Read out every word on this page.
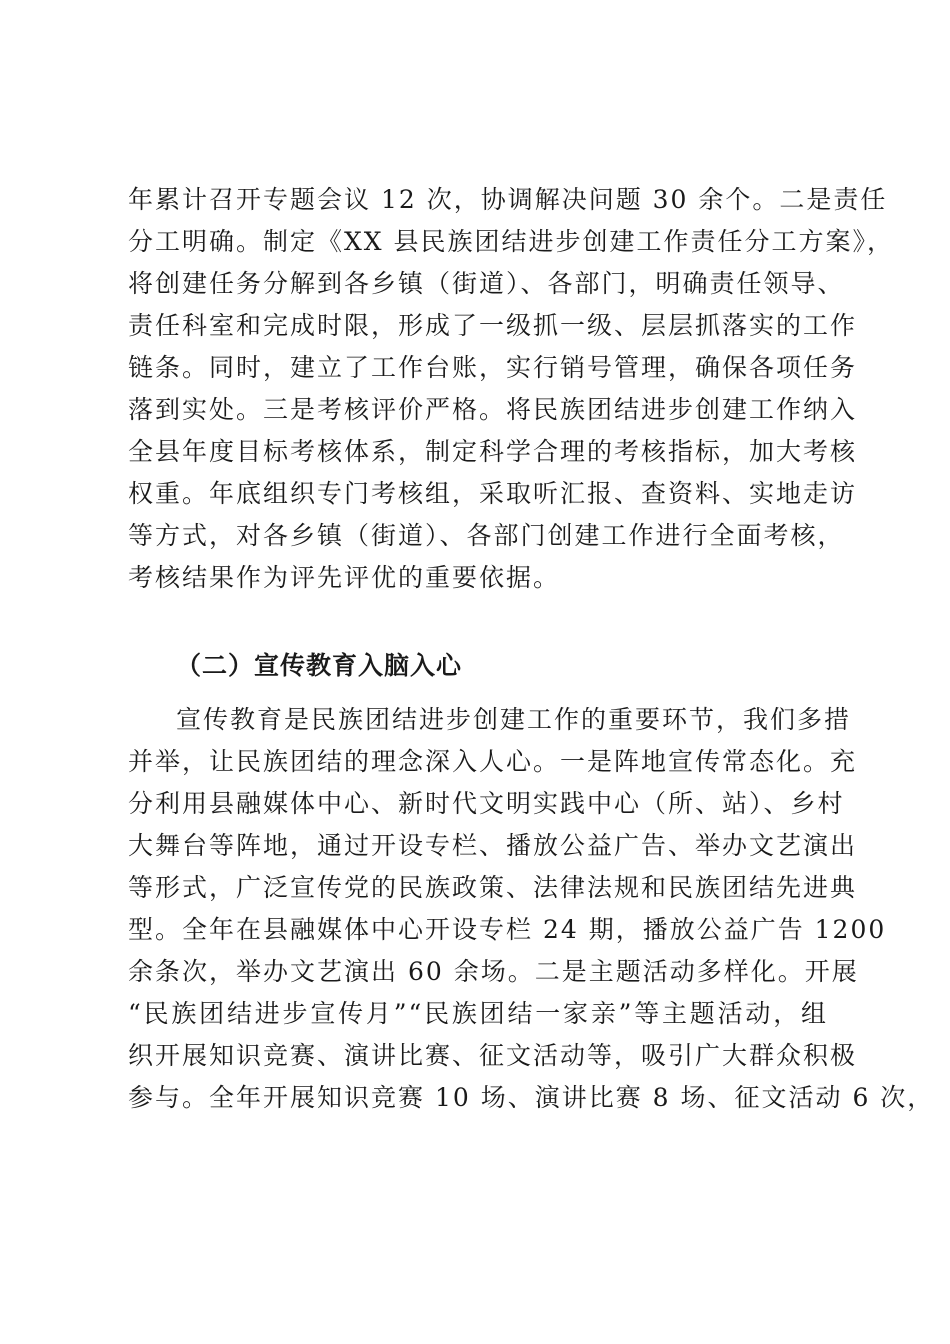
年累计召开专题会议 12 次，协调解决问题 30 余个。二是责任
分工明确。制定《XX 县民族团结进步创建工作责任分工方案》，
将创建任务分解到各乡镇（街道）、各部门，明确责任领导、
责任科室和完成时限，形成了一级抓一级、层层抓落实的工作
链条。同时，建立了工作台账，实行销号管理，确保各项任务
落到实处。三是考核评价严格。将民族团结进步创建工作纳入
全县年度目标考核体系，制定科学合理的考核指标，加大考核
权重。年底组织专门考核组，采取听汇报、查资料、实地走访
等方式，对各乡镇（街道）、各部门创建工作进行全面考核，
考核结果作为评先评优的重要依据。
（二）宣传教育入脑入心
宣传教育是民族团结进步创建工作的重要环节，我们多措
并举，让民族团结的理念深入人心。一是阵地宣传常态化。充
分利用县融媒体中心、新时代文明实践中心（所、站）、乡村
大舞台等阵地，通过开设专栏、播放公益广告、举办文艺演出
等形式，广泛宣传党的民族政策、法律法规和民族团结先进典
型。全年在县融媒体中心开设专栏 24 期，播放公益广告 1200
余条次，举办文艺演出 60 余场。二是主题活动多样化。开展
“民族团结进步宣传月”“民族团结一家亲”等主题活动，组
织开展知识竞赛、演讲比赛、征文活动等，吸引广大群众积极
参与。全年开展知识竞赛 10 场、演讲比赛 8 场、征文活动 6 次，
